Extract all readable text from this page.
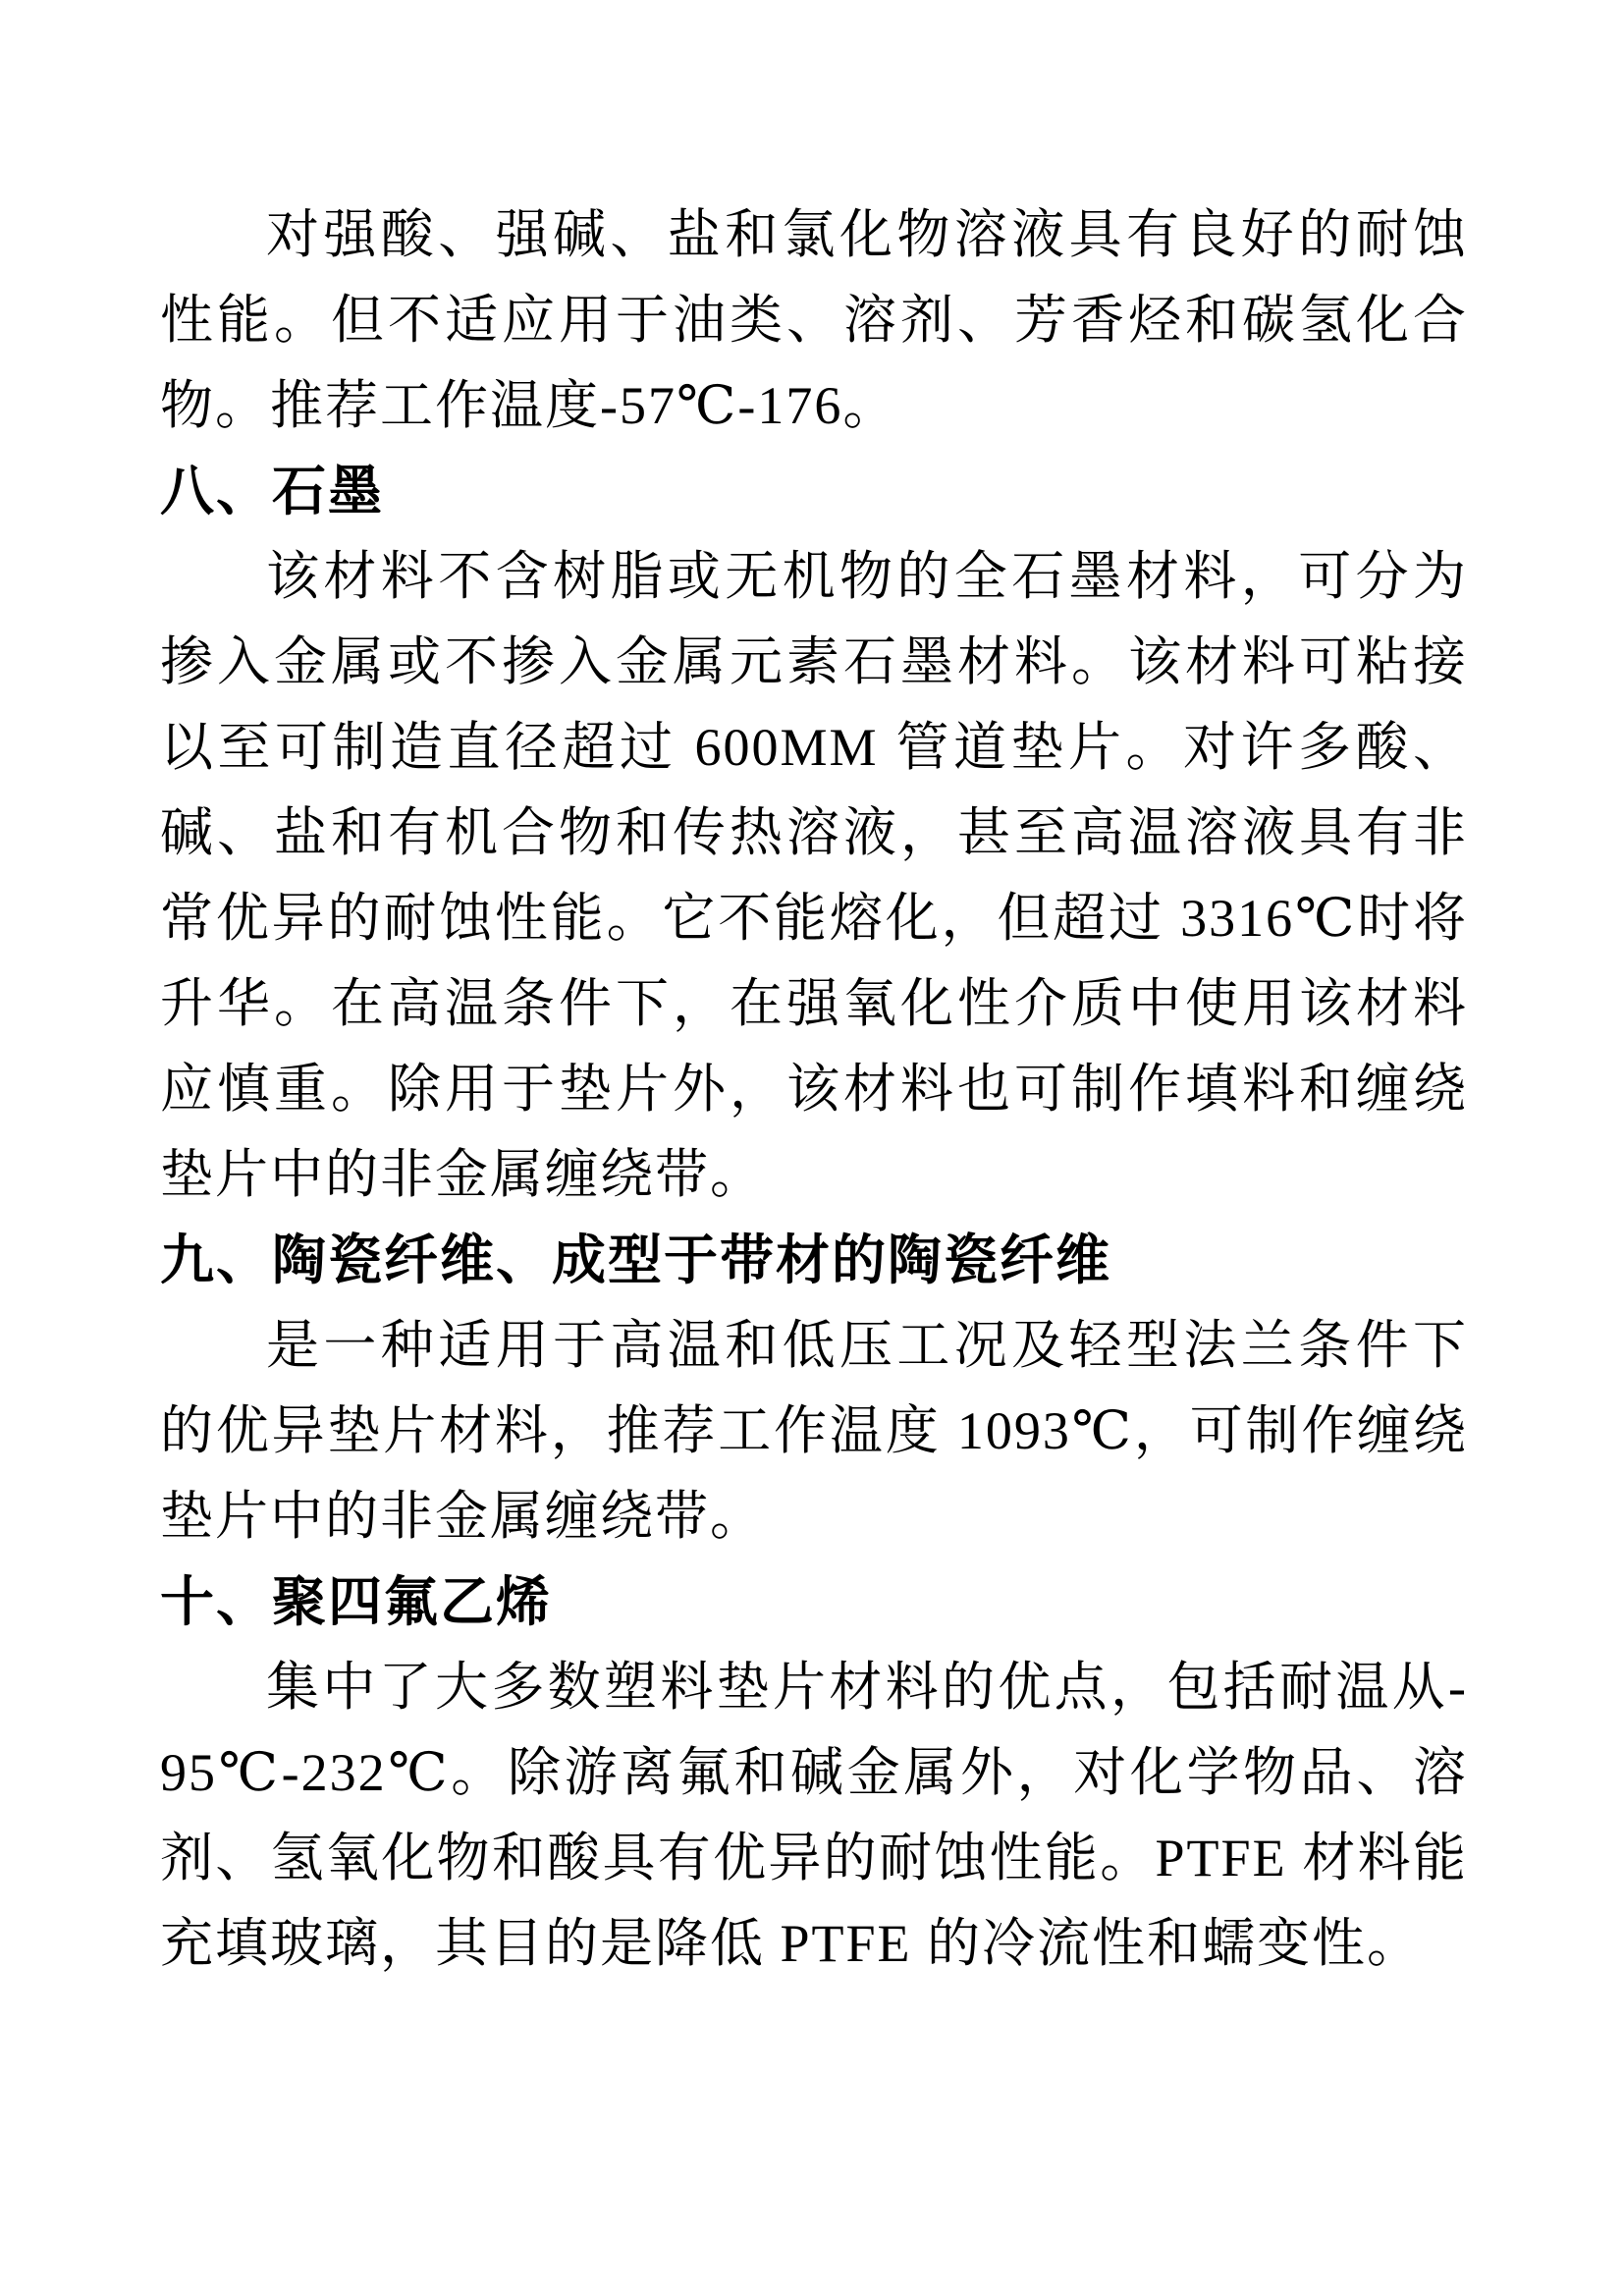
对强酸、强碱、盐和氯化物溶液具有良好的耐蚀性能。但不适应用于油类、溶剂、芳香烃和碳氢化合物。推荐工作温度-57℃-176。

八、石墨

该材料不含树脂或无机物的全石墨材料，可分为掺入金属或不掺入金属元素石墨材料。该材料可粘接以至可制造直径超过 600MM 管道垫片。对许多酸、碱、盐和有机合物和传热溶液，甚至高温溶液具有非常优异的耐蚀性能。它不能熔化，但超过 3316℃时将升华。在高温条件下，在强氧化性介质中使用该材料应慎重。除用于垫片外，该材料也可制作填料和缠绕垫片中的非金属缠绕带。

九、陶瓷纤维、成型于带材的陶瓷纤维

是一种适用于高温和低压工况及轻型法兰条件下的优异垫片材料，推荐工作温度 1093℃，可制作缠绕垫片中的非金属缠绕带。

十、聚四氟乙烯

集中了大多数塑料垫片材料的优点，包括耐温从-95℃-232℃。除游离氟和碱金属外，对化学物品、溶剂、氢氧化物和酸具有优异的耐蚀性能。PTFE 材料能充填玻璃，其目的是降低 PTFE 的冷流性和蠕变性。
